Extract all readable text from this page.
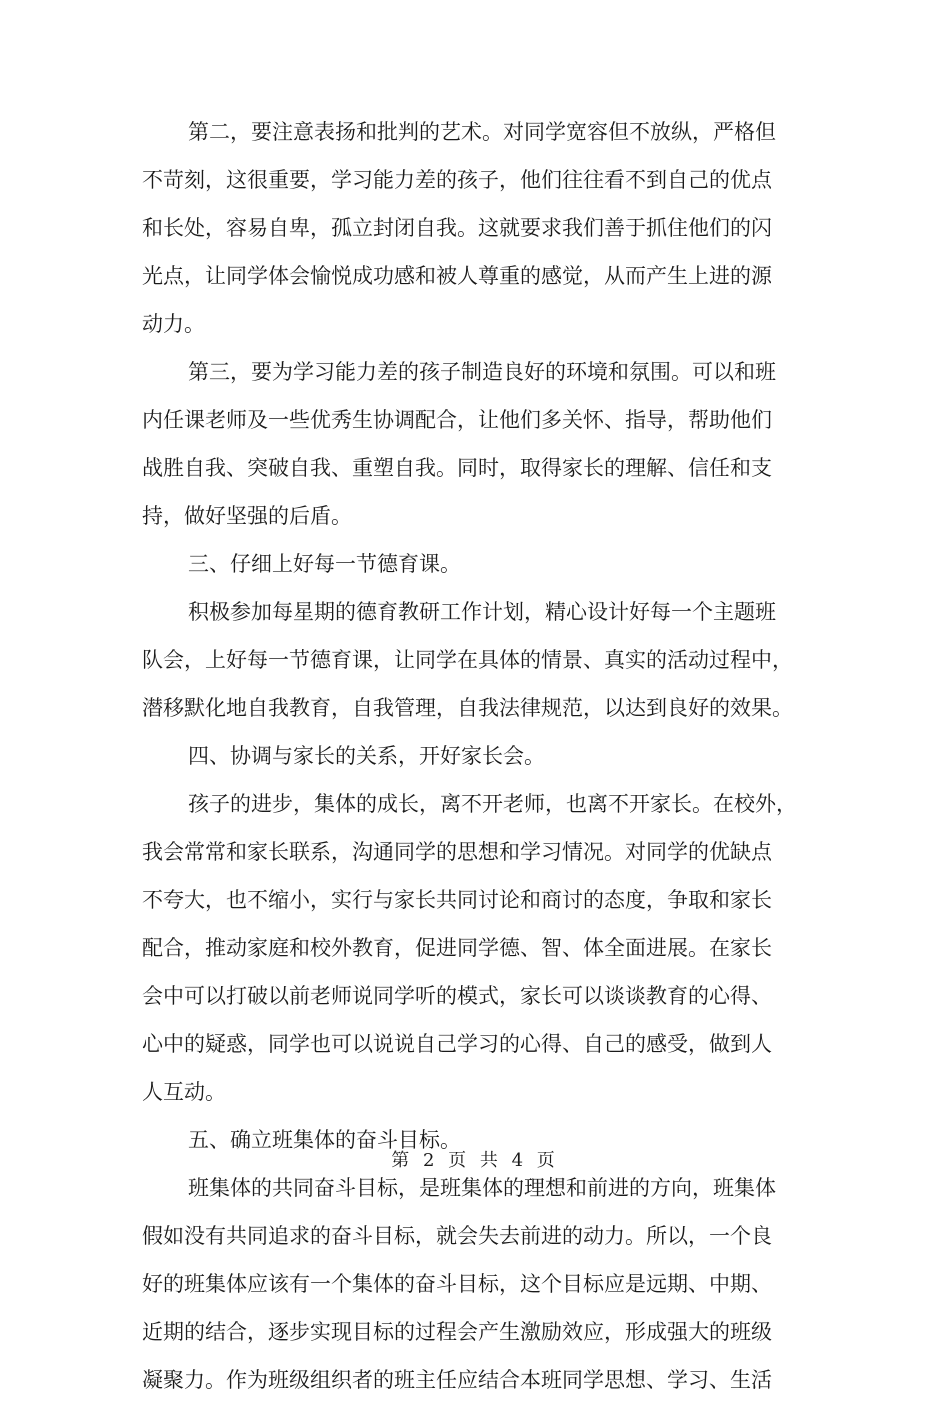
第二，要注意表扬和批判的艺术。对同学宽容但不放纵，严格但
不苛刻，这很重要，学习能力差的孩子，他们往往看不到自己的优点
和长处，容易自卑，孤立封闭自我。这就要求我们善于抓住他们的闪
光点，让同学体会愉悦成功感和被人尊重的感觉，从而产生上进的源
动力。
第三，要为学习能力差的孩子制造良好的环境和氛围。可以和班
内任课老师及一些优秀生协调配合，让他们多关怀、指导，帮助他们
战胜自我、突破自我、重塑自我。同时，取得家长的理解、信任和支
持，做好坚强的后盾。
三、仔细上好每一节德育课。
积极参加每星期的德育教研工作计划，精心设计好每一个主题班
队会，上好每一节德育课，让同学在具体的情景、真实的活动过程中，
潜移默化地自我教育，自我管理，自我法律规范，以达到良好的效果。
四、协调与家长的关系，开好家长会。
孩子的进步，集体的成长，离不开老师，也离不开家长。在校外，
我会常常和家长联系，沟通同学的思想和学习情况。对同学的优缺点
不夸大，也不缩小，实行与家长共同讨论和商讨的态度，争取和家长
配合，推动家庭和校外教育，促进同学德、智、体全面进展。在家长
会中可以打破以前老师说同学听的模式，家长可以谈谈教育的心得、
心中的疑惑，同学也可以说说自己学习的心得、自己的感受，做到人
人互动。
五、确立班集体的奋斗目标。
班集体的共同奋斗目标，是班集体的理想和前进的方向，班集体
假如没有共同追求的奋斗目标，就会失去前进的动力。所以，一个良
好的班集体应该有一个集体的奋斗目标，这个目标应是远期、中期、
近期的结合，逐步实现目标的过程会产生激励效应，形成强大的班级
凝聚力。作为班级组织者的班主任应结合本班同学思想、学习、生活
第 2 页 共 4 页
